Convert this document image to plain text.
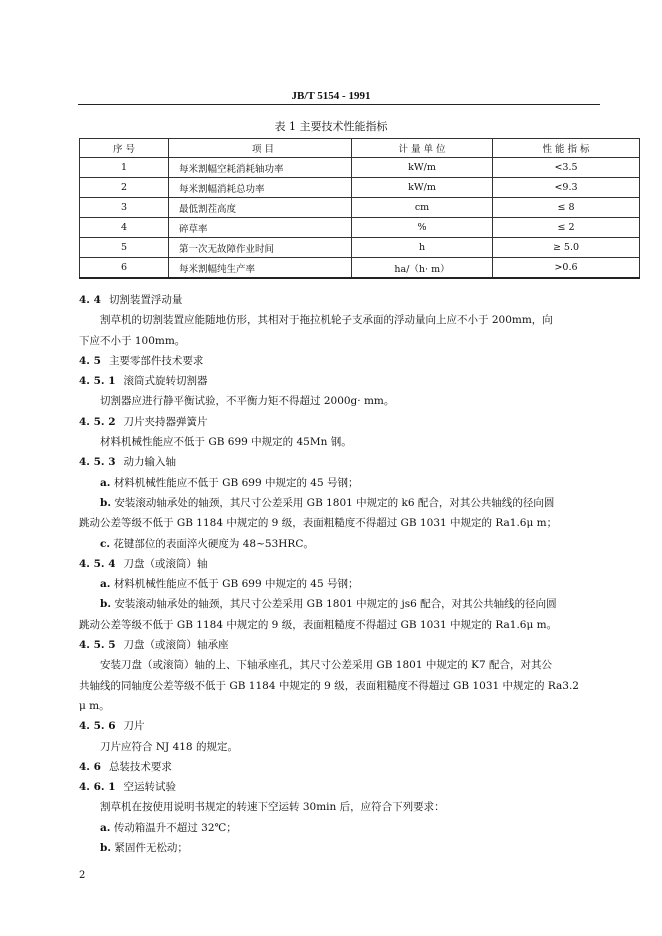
JB/T 5154 - 1991
表 1 主要技术性能指标
序 号	项 目	计 量 单 位	性 能 指 标
1	每米割幅空耗消耗轴功率	kW/m	<3.5
2	每米割幅消耗总功率	kW/m	<9.3
3	最低割茬高度	cm	≤ 8
4	碎草率	%	≤ 2
5	第一次无故障作业时间	h	≥ 5.0
6	每米割幅纯生产率	ha/（h· m）	>0.6
4. 4 切割装置浮动量
割草机的切割装置应能随地仿形，其相对于拖拉机轮子支承面的浮动量向上应不小于 200mm，向
下应不小于 100mm。
4. 5 主要零部件技术要求
4. 5. 1 滚筒式旋转切割器
切割器应进行静平衡试验，不平衡力矩不得超过 2000g· mm。
4. 5. 2 刀片夹持器弹簧片
材料机械性能应不低于 GB 699 中规定的 45Mn 钢。
4. 5. 3 动力输入轴
a. 材料机械性能应不低于 GB 699 中规定的 45 号钢；
b. 安装滚动轴承处的轴颈，其尺寸公差采用 GB 1801 中规定的 k6 配合，对其公共轴线的径向圆
跳动公差等级不低于 GB 1184 中规定的 9 级，表面粗糙度不得超过 GB 1031 中规定的 Ra1.6μ m；
c. 花键部位的表面淬火硬度为 48~53HRC。
4. 5. 4 刀盘（或滚筒）轴
a. 材料机械性能应不低于 GB 699 中规定的 45 号钢；
b. 安装滚动轴承处的轴颈，其尺寸公差采用 GB 1801 中规定的 js6 配合，对其公共轴线的径向圆
跳动公差等级不低于 GB 1184 中规定的 9 级，表面粗糙度不得超过 GB 1031 中规定的 Ra1.6μ m。
4. 5. 5 刀盘（或滚筒）轴承座
安装刀盘（或滚筒）轴的上、下轴承座孔，其尺寸公差采用 GB 1801 中规定的 K7 配合，对其公
共轴线的同轴度公差等级不低于 GB 1184 中规定的 9 级，表面粗糙度不得超过 GB 1031 中规定的 Ra3.2
μ m。
4. 5. 6 刀片
刀片应符合 NJ 418 的规定。
4. 6 总装技术要求
4. 6. 1 空运转试验
割草机在按使用说明书规定的转速下空运转 30min 后，应符合下列要求：
a. 传动箱温升不超过 32℃；
b. 紧固件无松动；
2
